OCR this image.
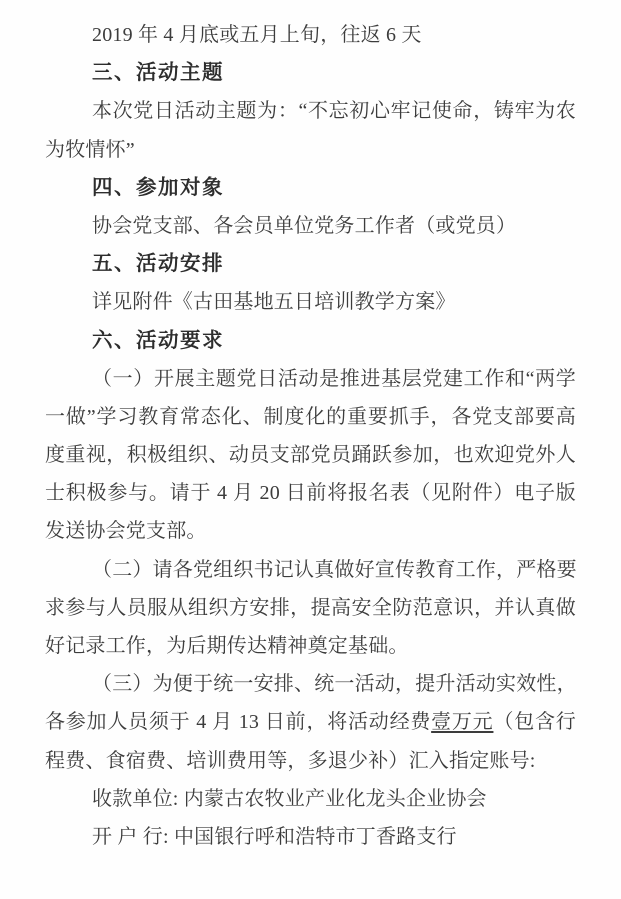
2019 年 4 月底或五月上旬，往返 6 天
三、活动主题
本次党日活动主题为：“不忘初心牢记使命，铸牢为农
为牧情怀”
四、参加对象
协会党支部、各会员单位党务工作者（或党员）
五、活动安排
详见附件《古田基地五日培训教学方案》
六、活动要求
（一）开展主题党日活动是推进基层党建工作和“两学
一做”学习教育常态化、制度化的重要抓手，各党支部要高
度重视，积极组织、动员支部党员踊跃参加，也欢迎党外人
士积极参与。请于 4 月 20 日前将报名表（见附件）电子版
发送协会党支部。
（二）请各党组织书记认真做好宣传教育工作，严格要
求参与人员服从组织方安排，提高安全防范意识，并认真做
好记录工作，为后期传达精神奠定基础。
（三）为便于统一安排、统一活动，提升活动实效性，
各参加人员须于 4 月 13 日前，将活动经费壹万元（包含行
程费、食宿费、培训费用等，多退少补）汇入指定账号:
收款单位: 内蒙古农牧业产业化龙头企业协会
开 户 行: 中国银行呼和浩特市丁香路支行
